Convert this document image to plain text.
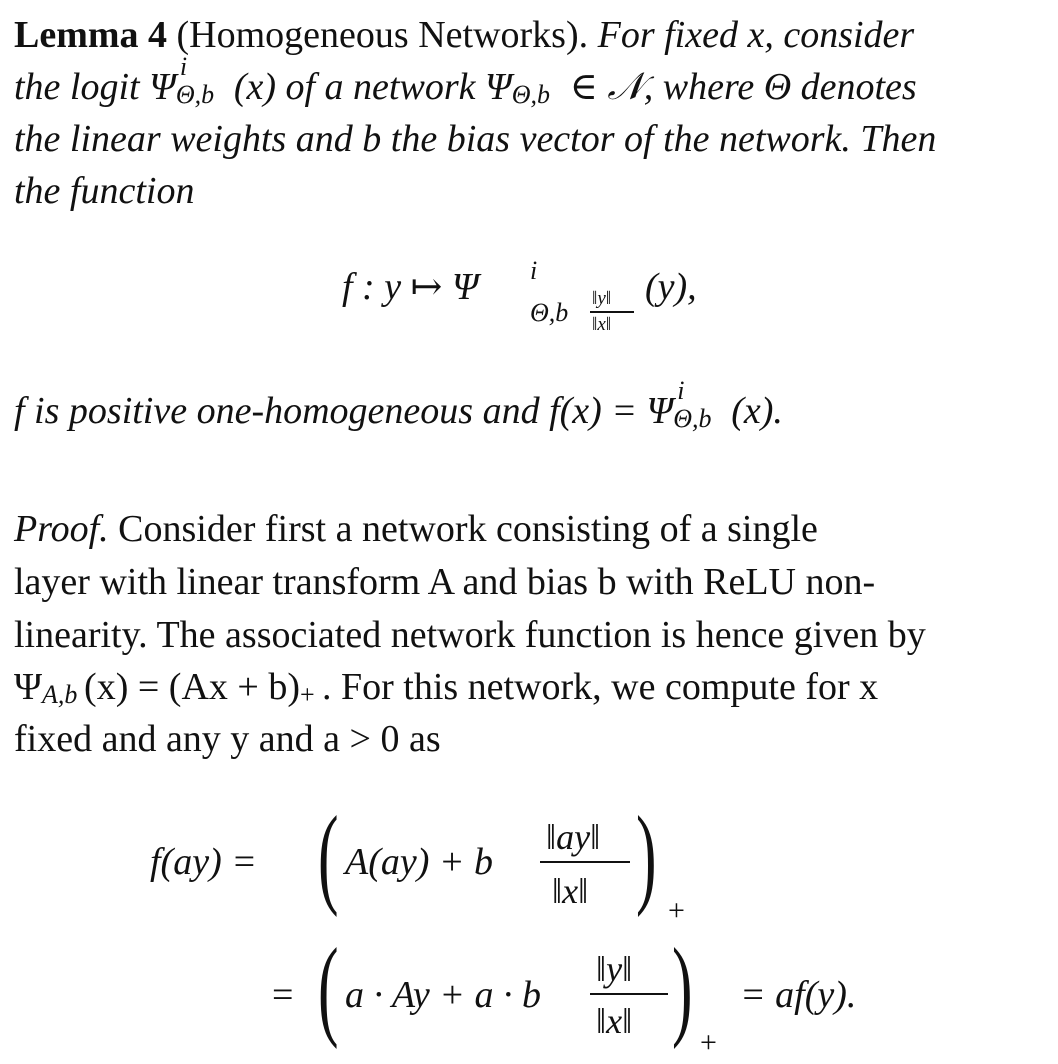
Lemma 4 (Homogeneous Networks). For fixed x, consider
the logit Ψ i
Θ,b (x) of a network Ψ Θ,b ∈ 𝒩, where Θ denotes
the linear weights and b the bias vector of the network. Then
the function
f : y ↦ Ψ i
Θ,b ‖y‖
‖x‖
(y),
f is positive one-homogeneous and f(x) = Ψ i
Θ,b (x).
Proof. Consider first a network consisting of a single
layer with linear transform A and bias b with ReLU non-
linearity. The associated network function is hence given by
Ψ A,b (x) = (Ax + b) + . For this network, we compute for x
fixed and any y and a > 0 as
f(ay) = ( A(ay) + b
‖ay‖
‖x‖ ) +
= ( a · Ay + a · b
‖y‖
‖x‖ ) +
= af(y).
